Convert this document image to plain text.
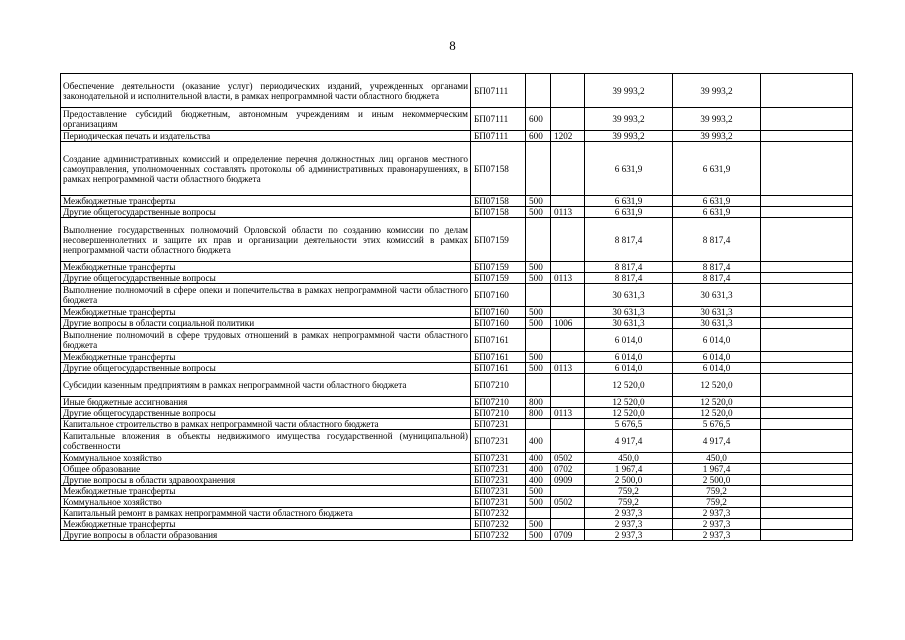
8
Обеспечение деятельности (оказание услуг) периодических изданий, учрежденных органами законодательной и исполнительной власти, в рамках непрограммной части областного бюджета	БП07111			39 993,2	39 993,2	
Предоставление субсидий бюджетным, автономным учреждениям и иным некоммерческим организациям	БП07111	600		39 993,2	39 993,2	
Периодическая печать и издательства	БП07111	600	1202	39 993,2	39 993,2	
Создание административных комиссий и определение перечня должностных лиц органов местного самоуправления, уполномоченных составлять протоколы об административных правонарушениях, в рамках непрограммной части областного бюджета	БП07158			6 631,9	6 631,9	
Межбюджетные трансферты	БП07158	500		6 631,9	6 631,9	
Другие общегосударственные вопросы	БП07158	500	0113	6 631,9	6 631,9	
Выполнение государственных полномочий Орловской области по созданию комиссии по делам несовершеннолетних и защите их прав и организации деятельности этих комиссий в рамках непрограммной части областного бюджета	БП07159			8 817,4	8 817,4	
Межбюджетные трансферты	БП07159	500		8 817,4	8 817,4	
Другие общегосударственные вопросы	БП07159	500	0113	8 817,4	8 817,4	
Выполнение полномочий в сфере опеки и попечительства в рамках непрограммной части областного бюджета	БП07160			30 631,3	30 631,3	
Межбюджетные трансферты	БП07160	500		30 631,3	30 631,3	
Другие вопросы в области социальной политики	БП07160	500	1006	30 631,3	30 631,3	
Выполнение полномочий в сфере трудовых отношений в рамках непрограммной части областного бюджета	БП07161			6 014,0	6 014,0	
Межбюджетные трансферты	БП07161	500		6 014,0	6 014,0	
Другие общегосударственные вопросы	БП07161	500	0113	6 014,0	6 014,0	
Субсидии казенным предприятиям в рамках непрограммной части областного бюджета	БП07210			12 520,0	12 520,0	
Иные бюджетные ассигнования	БП07210	800		12 520,0	12 520,0	
Другие общегосударственные вопросы	БП07210	800	0113	12 520,0	12 520,0	
Капитальное строительство в рамках непрограммной части областного бюджета	БП07231			5 676,5	5 676,5	
Капитальные вложения в объекты недвижимого имущества государственной (муниципальной) собственности	БП07231	400		4 917,4	4 917,4	
Коммунальное хозяйство	БП07231	400	0502	450,0	450,0	
Общее образование	БП07231	400	0702	1 967,4	1 967,4	
Другие вопросы в области здравоохранения	БП07231	400	0909	2 500,0	2 500,0	
Межбюджетные трансферты	БП07231	500		759,2	759,2	
Коммунальное хозяйство	БП07231	500	0502	759,2	759,2	
Капитальный ремонт в рамках непрограммной части областного бюджета	БП07232			2 937,3	2 937,3	
Межбюджетные трансферты	БП07232	500		2 937,3	2 937,3	
Другие вопросы в области образования	БП07232	500	0709	2 937,3	2 937,3	
